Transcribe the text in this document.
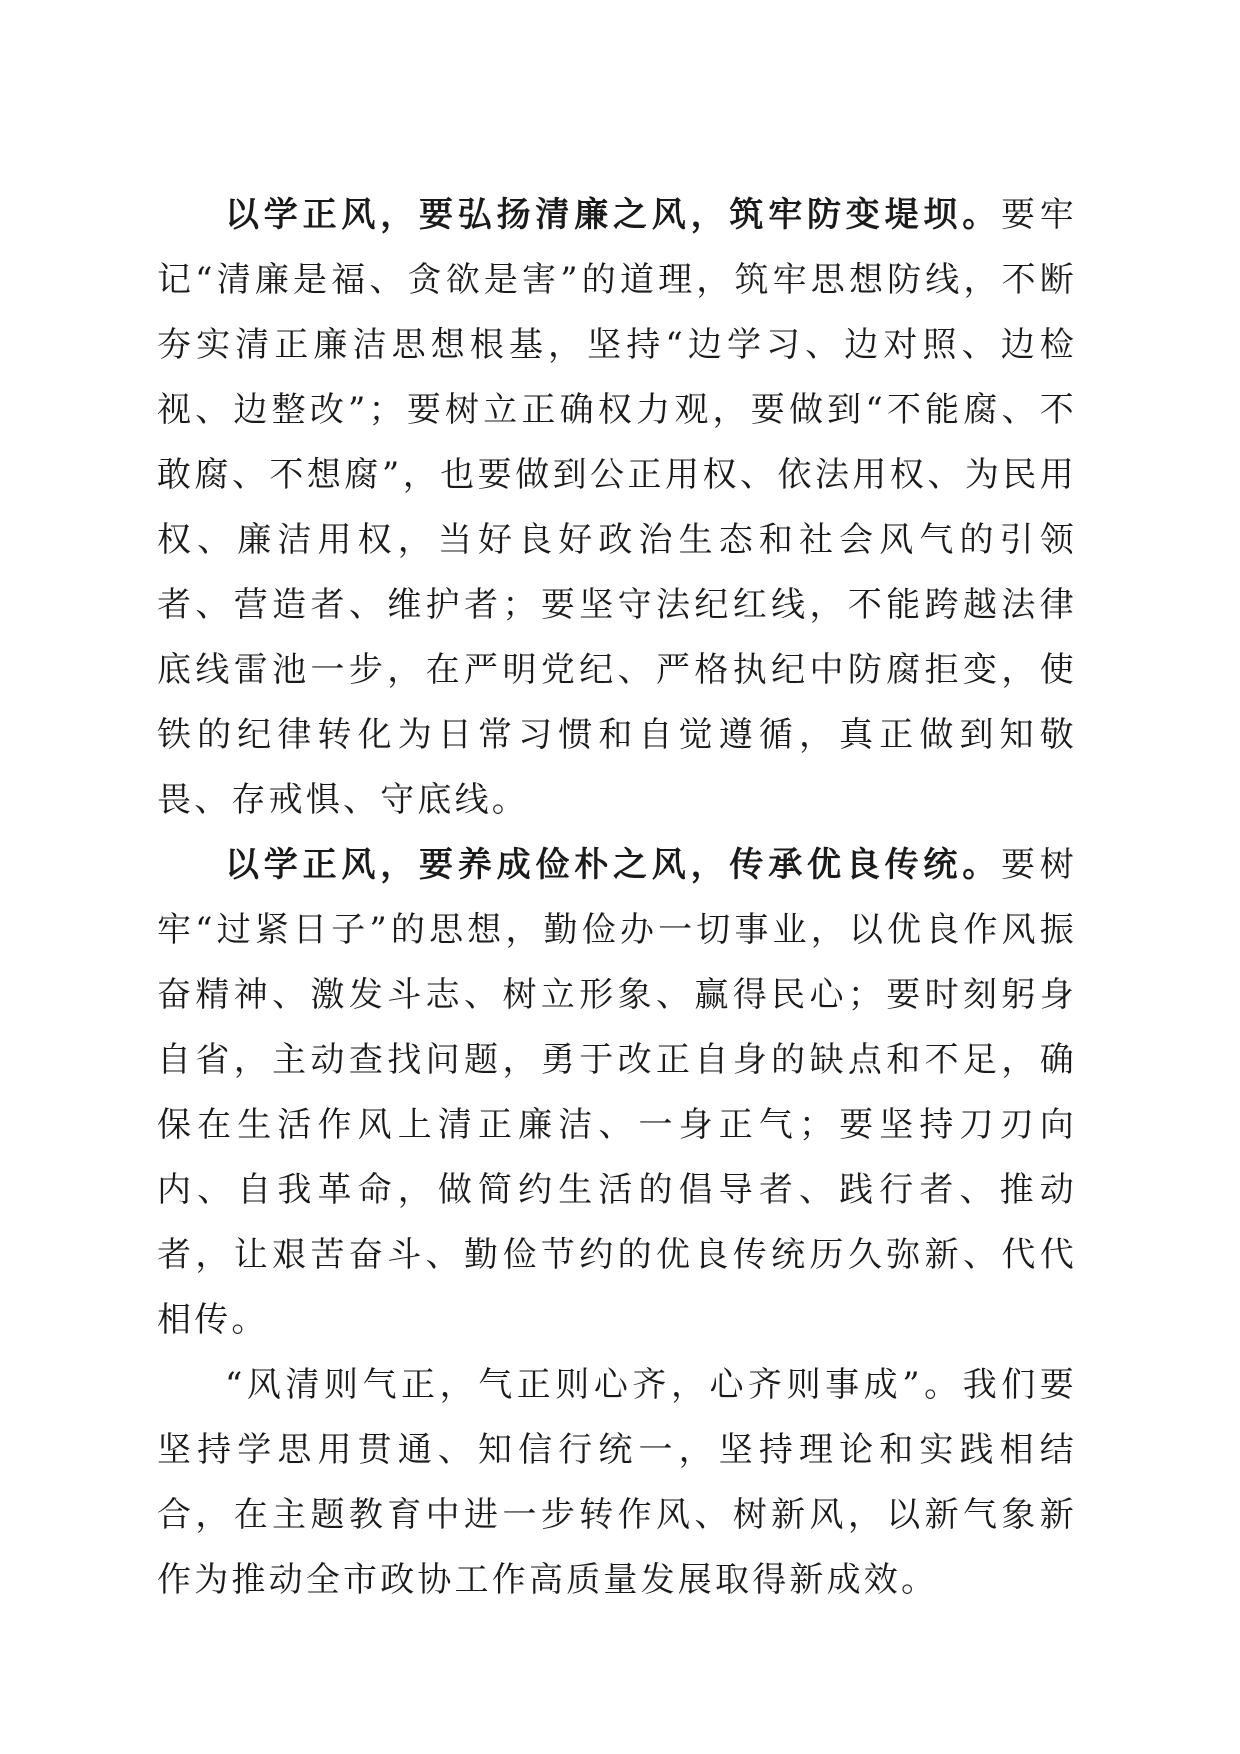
以学正风，要弘扬清廉之风，筑牢防变堤坝。要牢记“清廉是福、贪欲是害”的道理，筑牢思想防线，不断夯实清正廉洁思想根基，坚持“边学习、边对照、边检视、边整改”；要树立正确权力观，要做到“不能腐、不敢腐、不想腐”，也要做到公正用权、依法用权、为民用权、廉洁用权，当好良好政治生态和社会风气的引领者、营造者、维护者；要坚守法纪红线，不能跨越法律底线雷池一步，在严明党纪、严格执纪中防腐拒变，使铁的纪律转化为日常习惯和自觉遵循，真正做到知敬畏、存戒惧、守底线。

以学正风，要养成俭朴之风，传承优良传统。要树牢“过紧日子”的思想，勤俭办一切事业，以优良作风振奋精神、激发斗志、树立形象、赢得民心；要时刻躬身自省，主动查找问题，勇于改正自身的缺点和不足，确保在生活作风上清正廉洁、一身正气；要坚持刀刃向内、自我革命，做简约生活的倡导者、践行者、推动者，让艰苦奋斗、勤俭节约的优良传统历久弥新、代代相传。

“风清则气正，气正则心齐，心齐则事成”。我们要坚持学思用贯通、知信行统一，坚持理论和实践相结合，在主题教育中进一步转作风、树新风，以新气象新作为推动全市政协工作高质量发展取得新成效。
